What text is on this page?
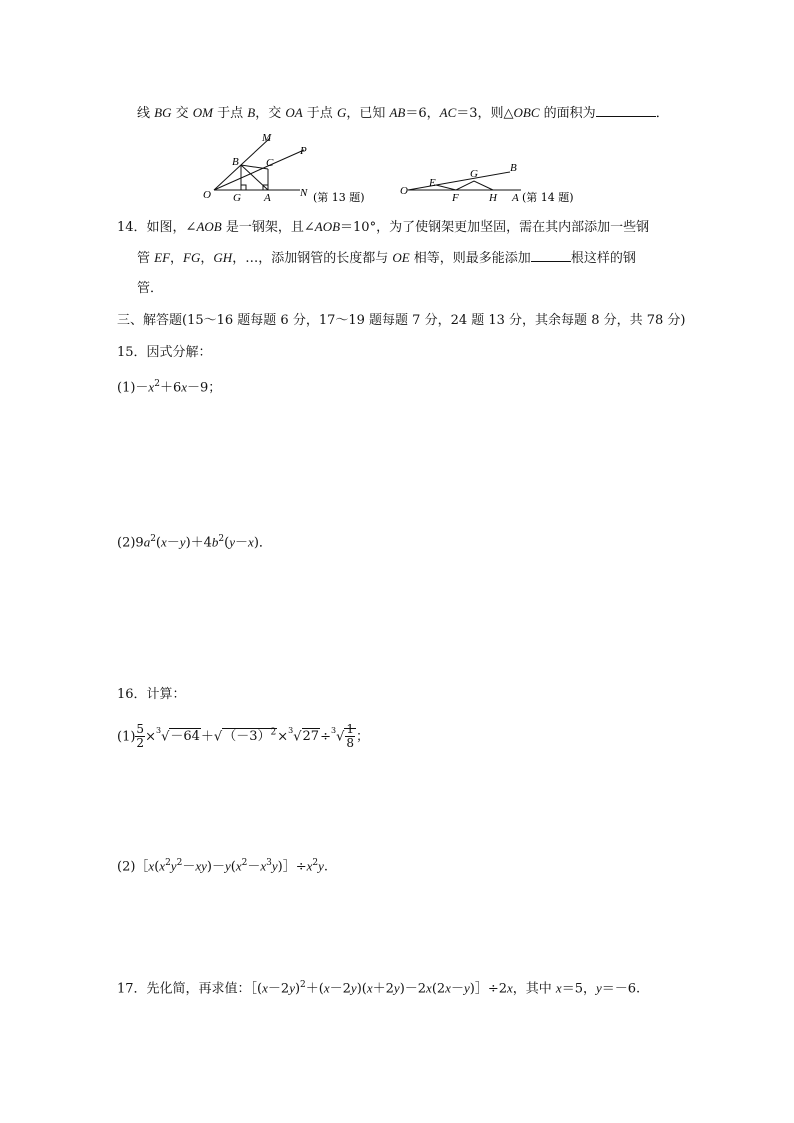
线 BG 交 OM 于点 B，交 OA 于点 G，已知 AB＝6，AC＝3，则△OBC 的面积为	．
M
P
B C
O G A	N (第 13 题)	O
E
G	B
F	H A (第 14 题)
14．如图，∠AOB 是一钢架，且∠AOB＝10°，为了使钢架更加坚固，需在其内部添加一些钢
管 EF，FG，GH，…，添加钢管的长度都与 OE 相等，则最多能添加	根这样的钢
管．
三、解答题(15～16 题每题 6 分，17～19 题每题 7 分，24 题 13 分，其余每题 8 分，共 78 分)
15．因式分解：
$(1)-x^2+6x-9$；
$(2)9a^2(x-y)+4b^2(y-x)$．
16．计算：
$(1) \frac{5}{2} \times^3√-64+√(-3)^2\times^3√27\div^3√ \frac{1}{8}$ ；
$(2)[x(x^2y^2-xy)-y(x^2-x^3y)]\div x^2y$.
17．先化简，再求值：$[(x-2y)^2+(x-2y)(x+2y)-2x(2x-y)]\div 2x$，其中 x＝5，y＝－6.
